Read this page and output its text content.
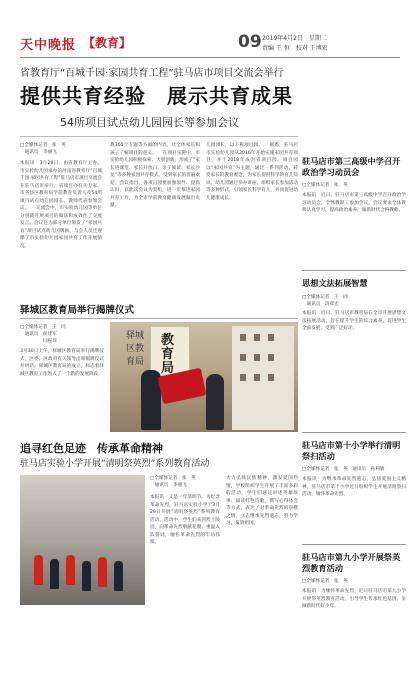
天中晚报 【教育】	09 2019年4月2日　星期二
责编 王 恒　校对 王博宏
省教育厅“百城千园·家园共育工程”驻马店市项目交流会举行
提供共育经验　展示共育成果
54所项目试点幼儿园园长等参加会议
□全媒体记者　张　英
　通讯员　李丽飞
本报讯　3月28日，由省教育厅主办、市实验幼儿园承办的河南省教育厅“百城千园·家园共育工程”驻马店市项目交流会在驻马店市举行，省项目办有关专家、市各县区教育局学前教育负责人及54所项目试点幼儿园园长、教师代表参加会议。 　交流会中，市实验幼儿园等单位分别就开展项目的做法和成效作了交流发言。会议还为部分单位颁发了“家园共育”项目试点幼儿园牌匾，与会人员还观摩了市实验幼儿园家园共育工作开展情况。
教365个专题等方面的内容，让全体家长和孩子了解项目的意义。 　在项目实施中，市实验幼儿园积极探索、大胆创新，形成了“家长进课堂、家长开放日、亲子阅读、家长沙龙”等多种家园共育模式，受到家长的普遍欢迎。会议指出，各项目园要加强领导、提高认识，以此次会议为契机，进一步推进家园共育工作，为全市学前教育健康发展做出贡献。
儿园园长，以下称项目园。 　据悉，驻马店市实验幼儿园从2016年开始实施家园共育项目，并于2018年成为省项目园。项目园以“家园共育”为主题，通过一系列活动，转变家长的教育观念，为家长提供科学的育儿知识。幼儿园通过举办讲座、组织家长参加活动等多种形式，引领家长科学育儿，共同促进幼儿健康成长。
驿城区教育局举行揭牌仪式
□全媒体记者　王　同
　通讯员　侯建军
　　　　　闫振琼
3月30日上午，驿城区教育局举行揭牌仪式，区委、区政府有关领导出席揭牌仪式并讲话。驿城区教育局的成立，标志着驿城区教育工作进入了一个新的发展阶段。
驿城区教育局
教育局
追寻红色足迹　传承革命精神
驻马店实验小学开展“清明祭英烈”系列教育活动
□全媒体记者　张　英
　通讯员　李丽飞
本报讯　又是一年清明节。为纪念革命先烈，驻马店实验小学于3月29日开展“清明祭英烈”系列教育活动。活动中，学生们来到烈士陵园，向革命先烈敬献花圈，重温入队誓词，缅怀革命先烈的丰功伟绩。
大力弘扬民族精神，激发爱国热情，学校组织学生开展了丰富多彩的活动。学生们通过讲述英雄故事、诵读红色诗歌、撰写心得体会等方式，表达了对革命先烈的崇敬之情，立志继承先烈遗志，努力学习，报效祖国。
驻马店市第三高级中学召开政治学习动员会
□全媒体记者　张　英
本报讯　近日，驻马店市第三高级中学召开政治学习动员会，全体教职工参加会议。会议要求全体教师认真学习，提高政治素养，做新时代合格教师。
思想文法拓展智慧
□全媒体记者　王　同
　通讯员　段郑宏
本报讯　近日，驻马店市教育局在全市开展思想文法拓展活动，旨在提升学生的综合素养，促进学生全面发展，受到广泛好评。
驻马店市第十小学举行清明祭扫活动
□全媒体记者　张　英　通讯员　孙利敏
本报讯　为继承革命先烈遗志，弘扬爱国主义精神，驻马店市第十小学近日组织学生开展清明祭扫活动，缅怀革命先烈。
驻马店市第九小学开展祭英烈教育活动
□全媒体记者　张　英
本报讯　为缅怀革命先烈，近日驻马店市第九小学开展祭英烈教育活动，引导学生传承红色基因，争做新时代好少年。
